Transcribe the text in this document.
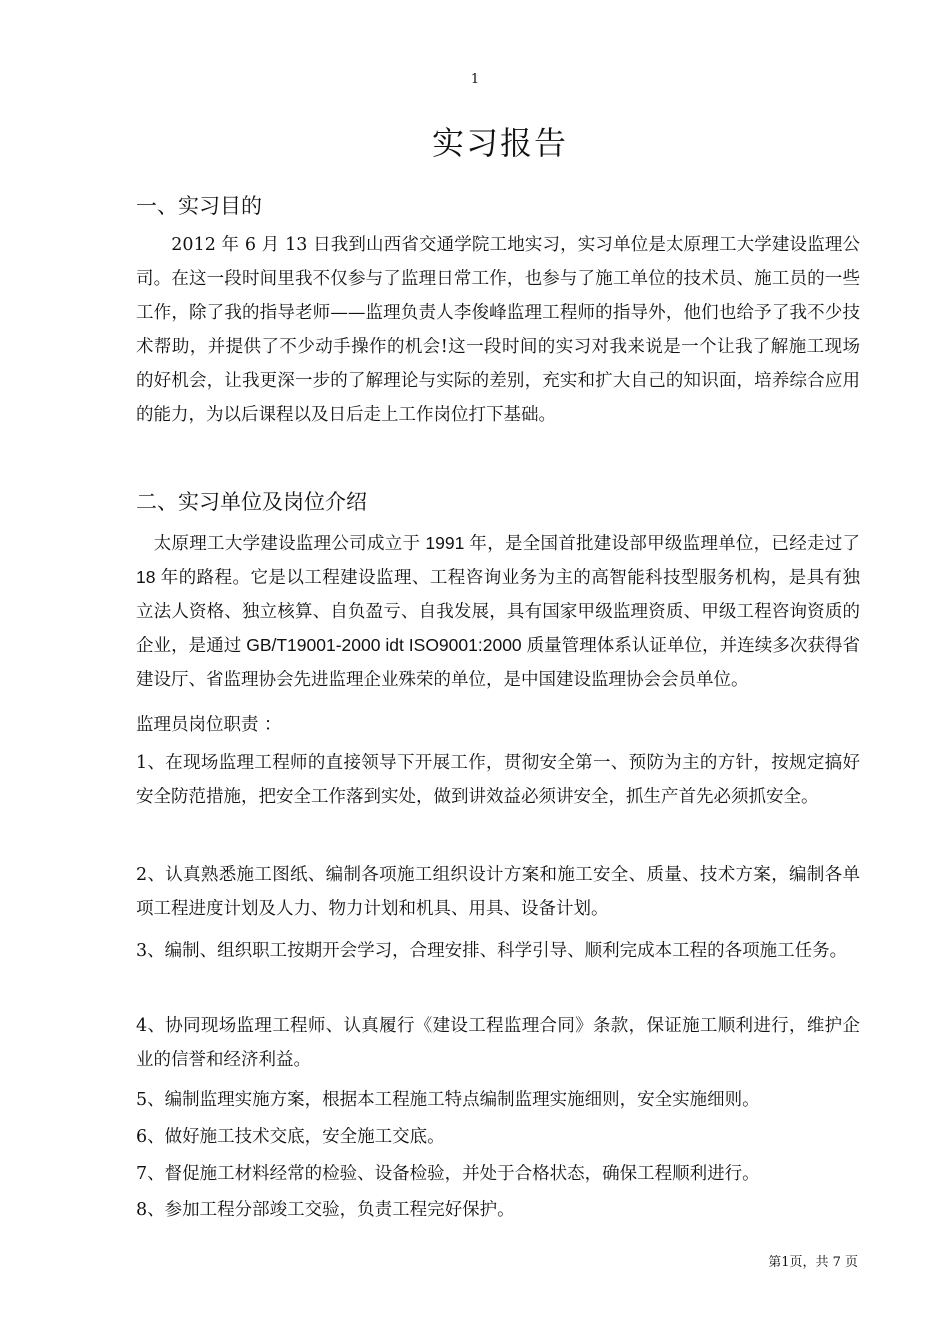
1
实习报告
一、实习目的
　　2012 年 6 月 13 日我到山西省交通学院工地实习，实习单位是太原理工大学建设监理公司。在这一段时间里我不仅参与了监理日常工作，也参与了施工单位的技术员、施工员的一些工作，除了我的指导老师——监理负责人李俊峰监理工程师的指导外，他们也给予了我不少技术帮助，并提供了不少动手操作的机会!这一段时间的实习对我来说是一个让我了解施工现场的好机会，让我更深一步的了解理论与实际的差别，充实和扩大自己的知识面，培养综合应用的能力，为以后课程以及日后走上工作岗位打下基础。
二、实习单位及岗位介绍
　太原理工大学建设监理公司成立于 1991 年，是全国首批建设部甲级监理单位，已经走过了 18 年的路程。它是以工程建设监理、工程咨询业务为主的高智能科技型服务机构，是具有独立法人资格、独立核算、自负盈亏、自我发展，具有国家甲级监理资质、甲级工程咨询资质的企业，是通过 GB/T19001-2000 idt ISO9001:2000 质量管理体系认证单位，并连续多次获得省建设厅、省监理协会先进监理企业殊荣的单位，是中国建设监理协会会员单位。
监理员岗位职责 ：
1、在现场监理工程师的直接领导下开展工作，贯彻安全第一、预防为主的方针，按规定搞好安全防范措施，把安全工作落到实处，做到讲效益必须讲安全，抓生产首先必须抓安全。
2、认真熟悉施工图纸、编制各项施工组织设计方案和施工安全、质量、技术方案，编制各单项工程进度计划及人力、物力计划和机具、用具、设备计划。
3、编制、组织职工按期开会学习，合理安排、科学引导、顺利完成本工程的各项施工任务。
4、协同现场监理工程师、认真履行《建设工程监理合同》条款，保证施工顺利进行，维护企业的信誉和经济利益。
5、编制监理实施方案，根据本工程施工特点编制监理实施细则，安全实施细则。
6、做好施工技术交底，安全施工交底。
7、督促施工材料经常的检验、设备检验，并处于合格状态，确保工程顺利进行。
8、参加工程分部竣工交验，负责工程完好保护。
第1页，共 7 页
